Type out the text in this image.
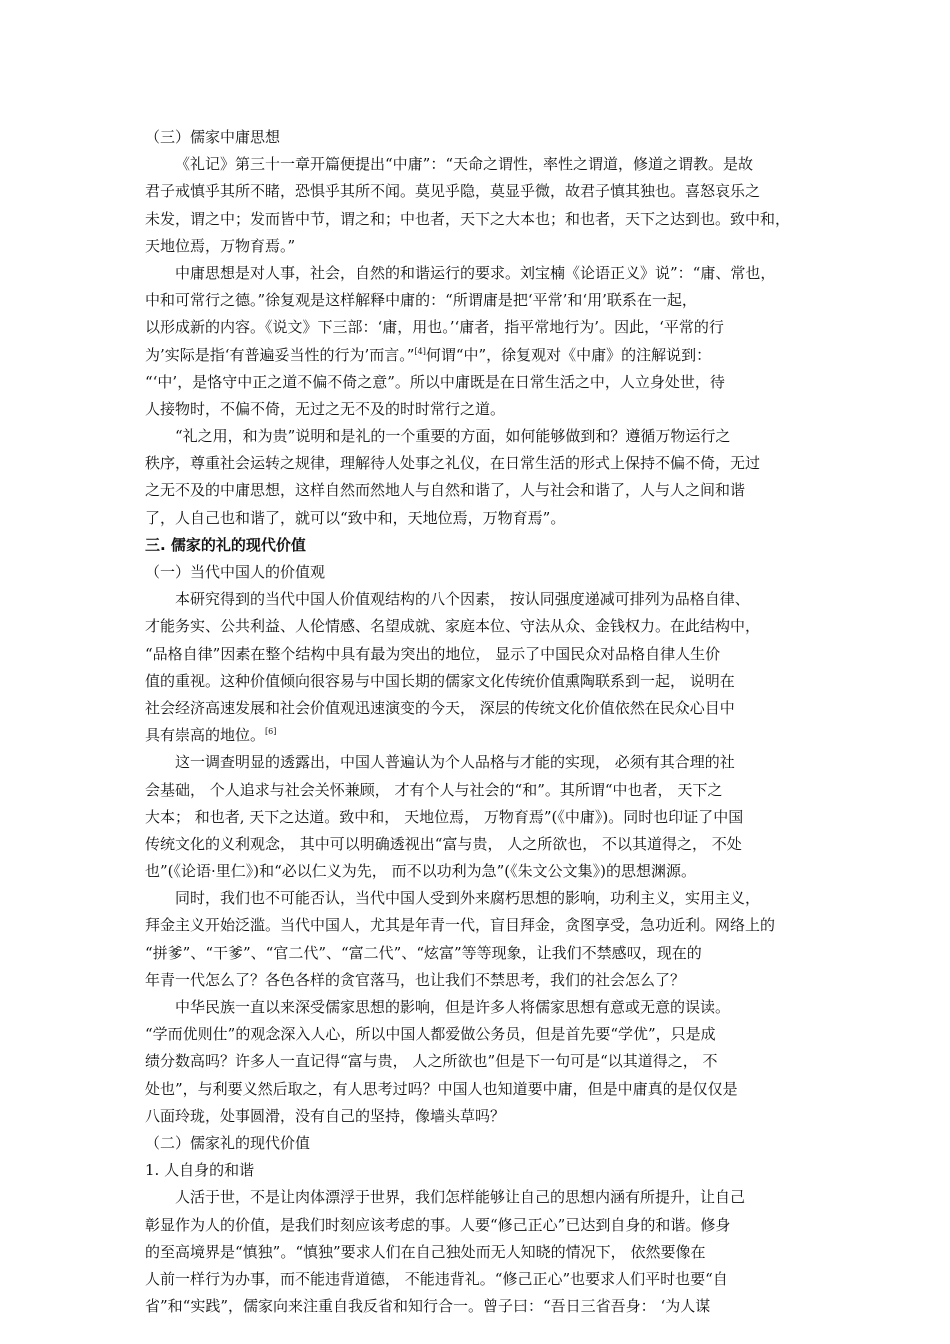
（三）儒家中庸思想
《礼记》第三十一章开篇便提出“中庸”：“天命之谓性，率性之谓道，修道之谓教。是故
君子戒慎乎其所不睹，恐惧乎其所不闻。莫见乎隐，莫显乎微，故君子慎其独也。喜怒哀乐之
未发，谓之中；发而皆中节，谓之和；中也者，天下之大本也；和也者，天下之达到也。致中和，
天地位焉，万物育焉。”
中庸思想是对人事，社会，自然的和谐运行的要求。刘宝楠《论语正义》说”：“庸、常也，
中和可常行之德。”徐复观是这样解释中庸的：“所谓庸是把‘平常’和‘用’联系在一起，
以形成新的内容。《说文》下三部：‘庸，用也。’‘庸者，指平常地行为’。因此，‘平常的行
为’实际是指‘有普遍妥当性的行为’而言。”[4]何谓“中”，徐复观对《中庸》的注解说到：
“‘中’，是恪守中正之道不偏不倚之意”。所以中庸既是在日常生活之中，人立身处世，待
人接物时，不偏不倚，无过之无不及的时时常行之道。
“礼之用，和为贵”说明和是礼的一个重要的方面，如何能够做到和？遵循万物运行之
秩序，尊重社会运转之规律，理解待人处事之礼仪，在日常生活的形式上保持不偏不倚，无过
之无不及的中庸思想，这样自然而然地人与自然和谐了，人与社会和谐了，人与人之间和谐
了，人自己也和谐了，就可以“致中和，天地位焉，万物育焉”。
三. 儒家的礼的现代价值
（一）当代中国人的价值观
本研究得到的当代中国人价值观结构的八个因素， 按认同强度递减可排列为品格自律、
才能务实、公共利益、人伦情感、名望成就、家庭本位、守法从众、金钱权力。在此结构中，
“品格自律”因素在整个结构中具有最为突出的地位， 显示了中国民众对品格自律人生价
值的重视。这种价值倾向很容易与中国长期的儒家文化传统价值熏陶联系到一起， 说明在
社会经济高速发展和社会价值观迅速演变的今天， 深层的传统文化价值依然在民众心目中
具有崇高的地位。[6]
这一调查明显的透露出，中国人普遍认为个人品格与才能的实现， 必须有其合理的社
会基础， 个人追求与社会关怀兼顾， 才有个人与社会的“和”。其所谓“中也者， 天下之
大本； 和也者, 天下之达道。致中和， 天地位焉， 万物育焉”(《中庸》)。同时也印证了中国
传统文化的义利观念， 其中可以明确透视出“富与贵， 人之所欲也， 不以其道得之， 不处
也”(《论语·里仁》)和“必以仁义为先， 而不以功利为急”(《朱文公文集》)的思想渊源。
同时，我们也不可能否认，当代中国人受到外来腐朽思想的影响，功利主义，实用主义，
拜金主义开始泛滥。当代中国人，尤其是年青一代，盲目拜金，贪图享受，急功近利。网络上的
“拼爹”、“干爹”、“官二代”、“富二代”、“炫富”等等现象，让我们不禁感叹，现在的
年青一代怎么了？各色各样的贪官落马，也让我们不禁思考，我们的社会怎么了？
中华民族一直以来深受儒家思想的影响，但是许多人将儒家思想有意或无意的误读。
“学而优则仕”的观念深入人心，所以中国人都爱做公务员，但是首先要“学优”，只是成
绩分数高吗？许多人一直记得“富与贵， 人之所欲也”但是下一句可是“以其道得之， 不
处也”，与利要义然后取之，有人思考过吗？中国人也知道要中庸，但是中庸真的是仅仅是
八面玲珑，处事圆滑，没有自己的坚持，像墙头草吗？
（二）儒家礼的现代价值
1. 人自身的和谐
人活于世，不是让肉体漂浮于世界，我们怎样能够让自己的思想内涵有所提升，让自己
彰显作为人的价值，是我们时刻应该考虑的事。人要“修己正心”已达到自身的和谐。修身
的至高境界是“慎独”。“慎独”要求人们在自己独处而无人知晓的情况下， 依然要像在
人前一样行为办事，而不能违背道德， 不能违背礼。“修己正心”也要求人们平时也要“自
省”和“实践”，儒家向来注重自我反省和知行合一。曾子曰：“吾日三省吾身： ‘为人谋
